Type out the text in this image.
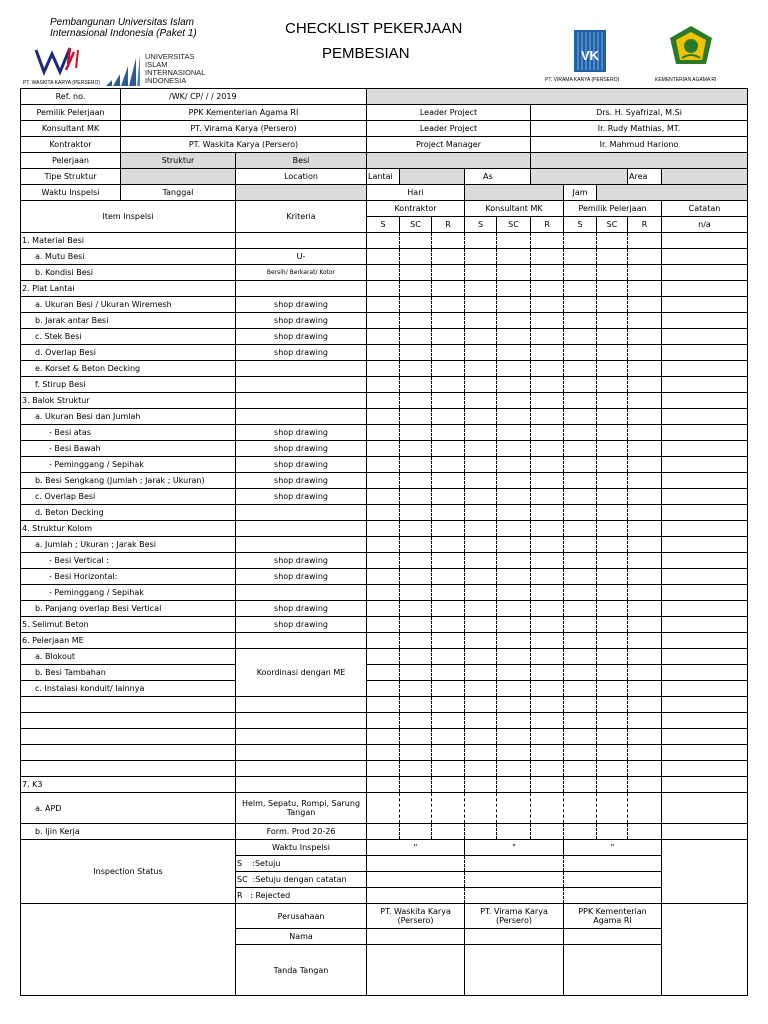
Pembangunan Universitas Islam
Internasional Indonesia (Paket 1)	CHECKLIST PEKERJAAN
PEMBESIAN
PT. WASKITA KARYA (PERSERO)
UNIVERSITAS
ISLAM
INTERNASIONAL
INDONESIA
VK
PT. VIRAMA KARYA (PERSERO)	KEMENTERIAN AGAMA RI
Ref. no.	/WK/ CP/ / / 2019											
Pemilik Pelerjaan	PPK Kementerian Agama RI		Leader Project					Drs. H. Syafrizal, M.Si				
Konsultant MK	PT. Virama Karya (Persero)		Leader Project					Ir. Rudy Mathias, MT.				
Kontraktor	PT. Waskita Karya (Persero)		Project Manager					Ir. Mahmud Hariono				
Pelerjaan	Struktur	Besi										
Tipe Struktur		Location	Lantai			As					Area	
Waktu Inspelsi	Tanggal		Hari						Jam			
Item Inspelsi		Kriteria	Kontraktor			Konsultant MK			Pemilik Pelerjaan			Catatan
			S	SC	R	S	SC	R	S	SC	R	n/a
1. Material Besi												
a. Mutu Besi		U-										
b. Kondisi Besi		Bersih/ Berkarat/ Kotor										
2. Plat Lantai												
a. Ukuran Besi / Ukuran Wiremesh		shop drawing										
b. Jarak antar Besi		shop drawing										
c. Stek Besi		shop drawing										
d. Overlap Besi		shop drawing										
e. Korset & Beton Decking												
f. Stirup Besi												
3. Balok Struktur												
a. Ukuran Besi dan Jumlah												
- Besi atas		shop drawing										
- Besi Bawah		shop drawing										
- Peminggang / Sepihak		shop drawing										
b. Besi Sengkang (Jumlah ; Jarak ; Ukuran)		shop drawing										
c. Overlap Besi		shop drawing										
d. Beton Decking												
4. Struktur Kolom												
a. Jumlah ; Ukuran ; Jarak Besi												
- Besi Vertical :		shop drawing										
- Besi Horizontal:		shop drawing										
- Peminggang / Sepihak												
b. Panjang overlap Besi Vertical		shop drawing										
5. Selimut Beton		shop drawing										
6. Pelerjaan ME												
a. Blokout		Koordinasi dengan ME										
b. Besi Tambahan												
c. Instalasi konduit/ lainnya												

7. K3												
a. APD		Helm, Sepatu, Rompi, Sarung Tangan										
b. Ijin Kerja		Form. Prod 20-26										
Inspection Status		Waktu Inspelsi	"			"			"			
		S :Setuju										
		SC :Setuju dengan catatan										
		R : Rejected										
		Perusahaan	PT. Waskita Karya (Persero)			PT. Virama Karya (Persero)			PPK Kementerian Agama RI			
		Nama										
		Tanda Tangan										
